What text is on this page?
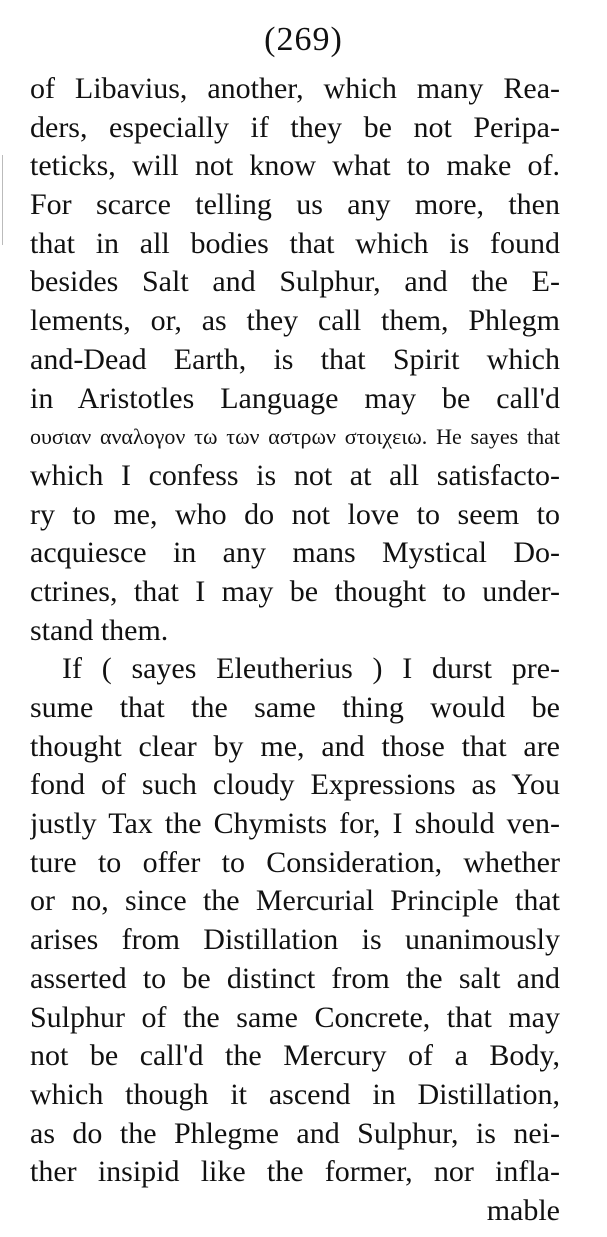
(269)
of Libavius, another, which many Rea-
ders, especially if they be not Peripa-
teticks, will not know what to make of.
For scarce telling us any more, then
that in all bodies that which is found
besides Salt and Sulphur, and the E-
lements, or, as they call them, Phlegm
and-Dead Earth, is that Spirit which
in Aristotles Language may be call'd
ουσιαν αναλογον τω των αστρων στοιχειω. He sayes that
which I confess is not at all satisfacto-
ry to me, who do not love to seem to
acquiesce in any mans Mystical Do-
ctrines, that I may be thought to under-
stand them.
If ( sayes Eleutherius ) I durst pre-
sume that the same thing would be
thought clear by me, and those that are
fond of such cloudy Expressions as You
justly Tax the Chymists for, I should ven-
ture to offer to Consideration, whether
or no, since the Mercurial Principle that
arises from Distillation is unanimously
asserted to be distinct from the salt and
Sulphur of the same Concrete, that may
not be call'd the Mercury of a Body,
which though it ascend in Distillation,
as do the Phlegme and Sulphur, is nei-
ther insipid like the former, nor infla-
mable
